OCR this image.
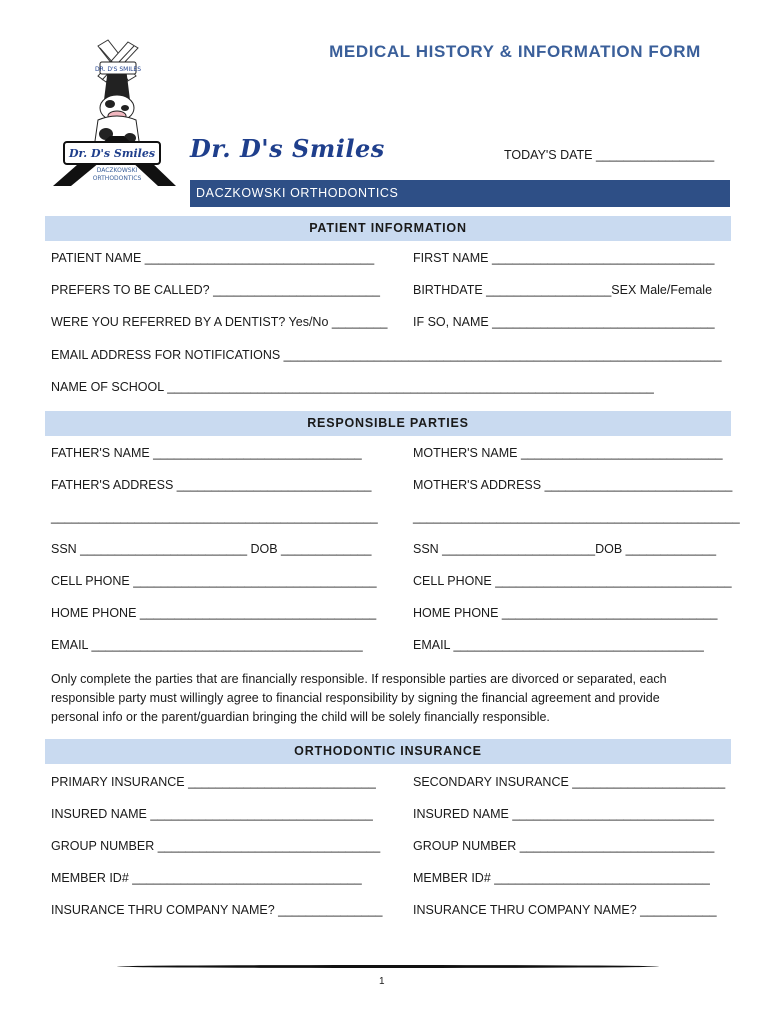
DR. D'S SMILES
Dr. D's Smiles
DACZKOWSKI
ORTHODONTICS
MEDICAL HISTORY & INFORMATION FORM
Dr. D's Smiles	TODAY'S DATE _________________
DACZKOWSKI ORTHODONTICS
PATIENT INFORMATION
PATIENT NAME _________________________________	FIRST NAME ________________________________
PREFERS TO BE CALLED? ________________________	BIRTHDATE __________________SEX Male/Female
WERE YOU REFERRED BY A DENTIST? Yes/No ________ IF SO, NAME ________________________________
EMAIL ADDRESS FOR NOTIFICATIONS _______________________________________________________________
NAME OF SCHOOL ______________________________________________________________________
RESPONSIBLE PARTIES
FATHER'S NAME ______________________________	MOTHER'S NAME _____________________________
FATHER'S ADDRESS ____________________________	MOTHER'S ADDRESS ___________________________
_______________________________________________	_______________________________________________
SSN ________________________ DOB _____________	SSN ______________________DOB _____________
CELL PHONE ___________________________________	CELL PHONE __________________________________
HOME PHONE __________________________________	HOME PHONE _______________________________
EMAIL _______________________________________	EMAIL ____________________________________
Only complete the parties that are financially responsible. If responsible parties are divorced or separated, each responsible party must willingly agree to financial responsibility by signing the financial agreement and provide personal info or the parent/guardian bringing the child will be solely financially responsible.
ORTHODONTIC INSURANCE
PRIMARY INSURANCE ___________________________	SECONDARY INSURANCE ______________________
INSURED NAME ________________________________	INSURED NAME _____________________________
GROUP NUMBER ________________________________	GROUP NUMBER ____________________________
MEMBER ID# _________________________________	MEMBER ID# _______________________________
INSURANCE THRU COMPANY NAME? _______________ INSURANCE THRU COMPANY NAME? ___________
1
